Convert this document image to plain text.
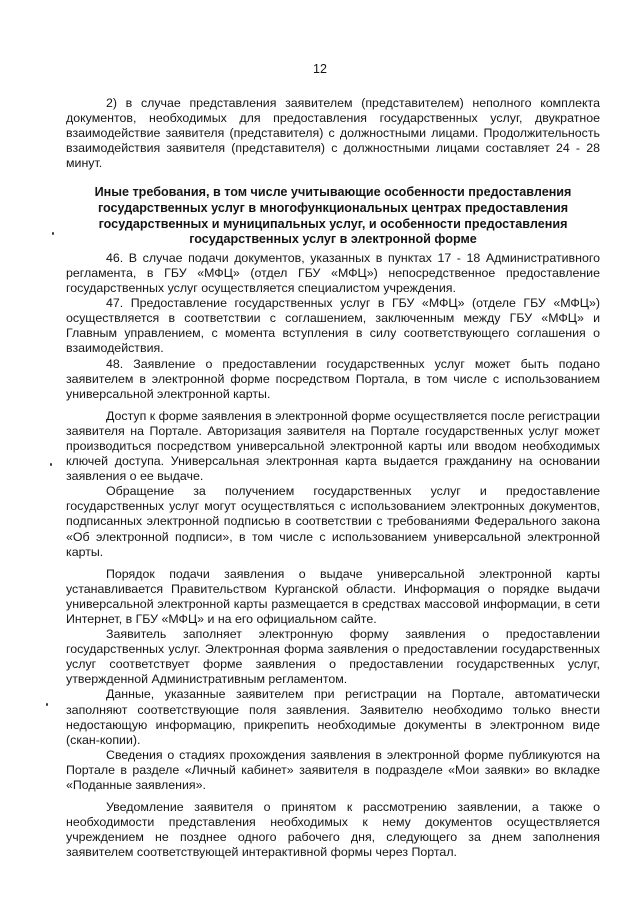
12

2) в случае представления заявителем (представителем) неполного комплекта документов, необходимых для предоставления государственных услуг, двукратное взаимодействие заявителя (представителя) с должностными лицами. Продолжительность взаимодействия заявителя (представителя) с должностными лицами составляет 24 - 28 минут.

Иные требования, в том числе учитывающие особенности предоставления государственных услуг в многофункциональных центрах предоставления государственных и муниципальных услуг, и особенности предоставления государственных услуг в электронной форме

46. В случае подачи документов, указанных в пунктах 17 - 18 Административного регламента, в ГБУ «МФЦ» (отдел ГБУ «МФЦ») непосредственное предоставление государственных услуг осуществляется специалистом учреждения.

47. Предоставление государственных услуг в ГБУ «МФЦ» (отделе ГБУ «МФЦ») осуществляется в соответствии с соглашением, заключенным между ГБУ «МФЦ» и Главным управлением, с момента вступления в силу соответствующего соглашения о взаимодействия.

48. Заявление о предоставлении государственных услуг может быть подано заявителем в электронной форме посредством Портала, в том числе с использованием универсальной электронной карты.

Доступ к форме заявления в электронной форме осуществляется после регистрации заявителя на Портале. Авторизация заявителя на Портале государственных услуг может производиться посредством универсальной электронной карты или вводом необходимых ключей доступа. Универсальная электронная карта выдается гражданину на основании заявления о ее выдаче.

Обращение за получением государственных услуг и предоставление государственных услуг могут осуществляться с использованием электронных документов, подписанных электронной подписью в соответствии с требованиями Федерального закона «Об электронной подписи», в том числе с использованием универсальной электронной карты.

Порядок подачи заявления о выдаче универсальной электронной карты устанавливается Правительством Курганской области. Информация о порядке выдачи универсальной электронной карты размещается в средствах массовой информации, в сети Интернет, в ГБУ «МФЦ» и на его официальном сайте.

Заявитель заполняет электронную форму заявления о предоставлении государственных услуг. Электронная форма заявления о предоставлении государственных услуг соответствует форме заявления о предоставлении государственных услуг, утвержденной Административным регламентом.

Данные, указанные заявителем при регистрации на Портале, автоматически заполняют соответствующие поля заявления. Заявителю необходимо только внести недостающую информацию, прикрепить необходимые документы в электронном виде (скан-копии).

Сведения о стадиях прохождения заявления в электронной форме публикуются на Портале в разделе «Личный кабинет» заявителя в подразделе «Мои заявки» во вкладке «Поданные заявления».

Уведомление заявителя о принятом к рассмотрению заявлении, а также о необходимости представления необходимых к нему документов осуществляется учреждением не позднее одного рабочего дня, следующего за днем заполнения заявителем соответствующей интерактивной формы через Портал.
